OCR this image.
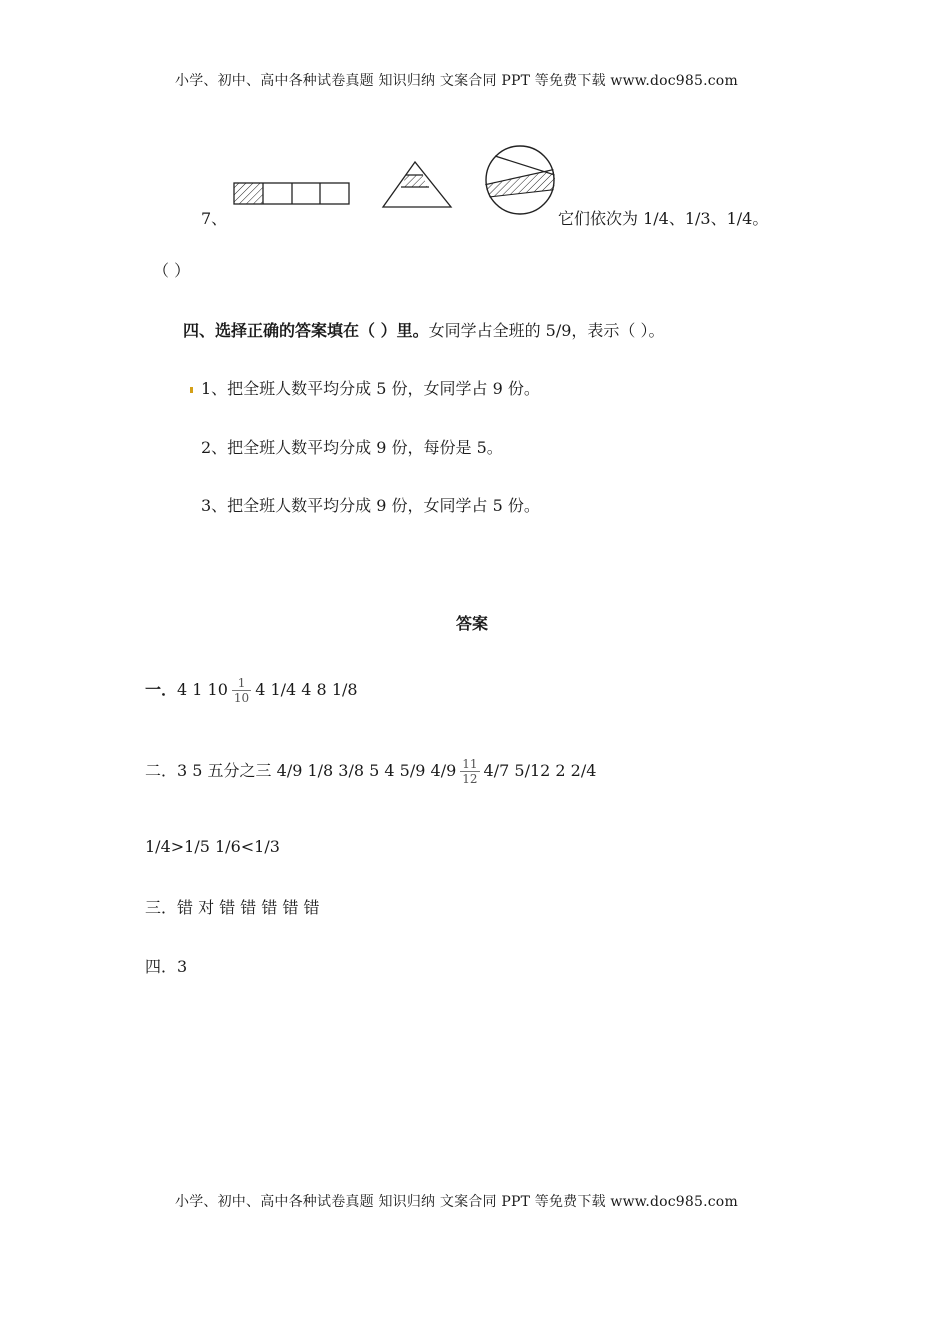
小学、初中、高中各种试卷真题 知识归纳 文案合同 PPT 等免费下载 www.doc985.com
7、	它们依次为 1/4、1/3、1/4。
（ ）
四、选择正确的答案填在（ ）里。女同学占全班的 5/9，表示（ ）。
1、把全班人数平均分成 5 份，女同学占 9 份。
2、把全班人数平均分成 9 份，每份是 5。
3、把全班人数平均分成 9 份，女同学占 5 份。
答案
一．4 1 $10 \frac{1}{10} 4$ 1/4 4 8 1/8
二．3 5 五分之三 4/9 1/8 3/8 5 4 5/9 $4/9 \frac{11}{12} 4/7$ 5/12 2 2/4
1/4>1/5 1/6<1/3
三．错 对 错 错 错 错 错
四．3
小学、初中、高中各种试卷真题 知识归纳 文案合同 PPT 等免费下载 www.doc985.com
